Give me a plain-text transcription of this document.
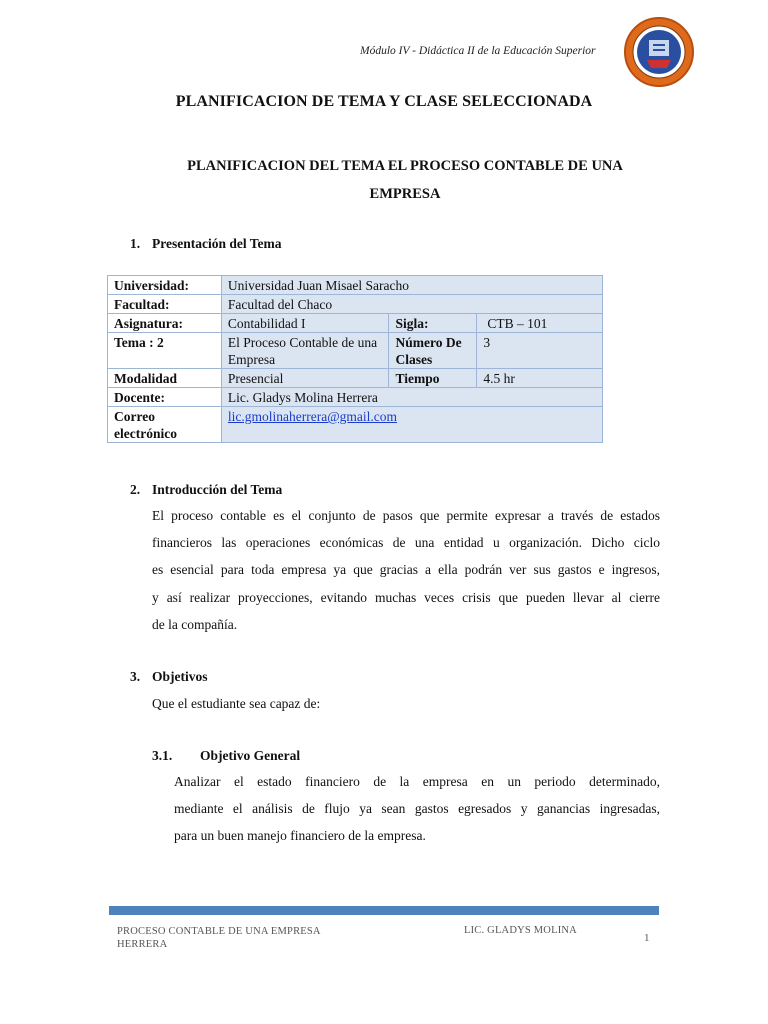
Módulo IV - Didáctica II de la Educación Superior
PLANIFICACION DE TEMA Y CLASE SELECCIONADA
PLANIFICACION DEL TEMA EL PROCESO CONTABLE DE UNA
EMPRESA
1. Presentación del Tema
Universidad:	Universidad Juan Misael Saracho		
Facultad:	Facultad del Chaco		
Asignatura:	Contabilidad I	Sigla:	CTB – 101
Tema : 2	El Proceso Contable de una Empresa	Número De Clases	3
Modalidad	Presencial	Tiempo	4.5 hr
Docente:	Lic. Gladys Molina Herrera		
Correo electrónico	lic.gmolinaherrera@gmail.com		
2. Introducción del Tema
El proceso contable es el conjunto de pasos que permite expresar a través de estados
financieros las operaciones económicas de una entidad u organización. Dicho ciclo
es esencial para toda empresa ya que gracias a ella podrán ver sus gastos e ingresos,
y así realizar proyecciones, evitando muchas veces crisis que pueden llevar al cierre
de la compañía.
3. Objetivos
Que el estudiante sea capaz de:
3.1. Objetivo General
Analizar el estado financiero de la empresa en un periodo determinado,
mediante el análisis de flujo ya sean gastos egresados y ganancias ingresadas,
para un buen manejo financiero de la empresa.
PROCESO CONTABLE DE UNA EMPRESA HERRERA
LIC. GLADYS MOLINA
1
